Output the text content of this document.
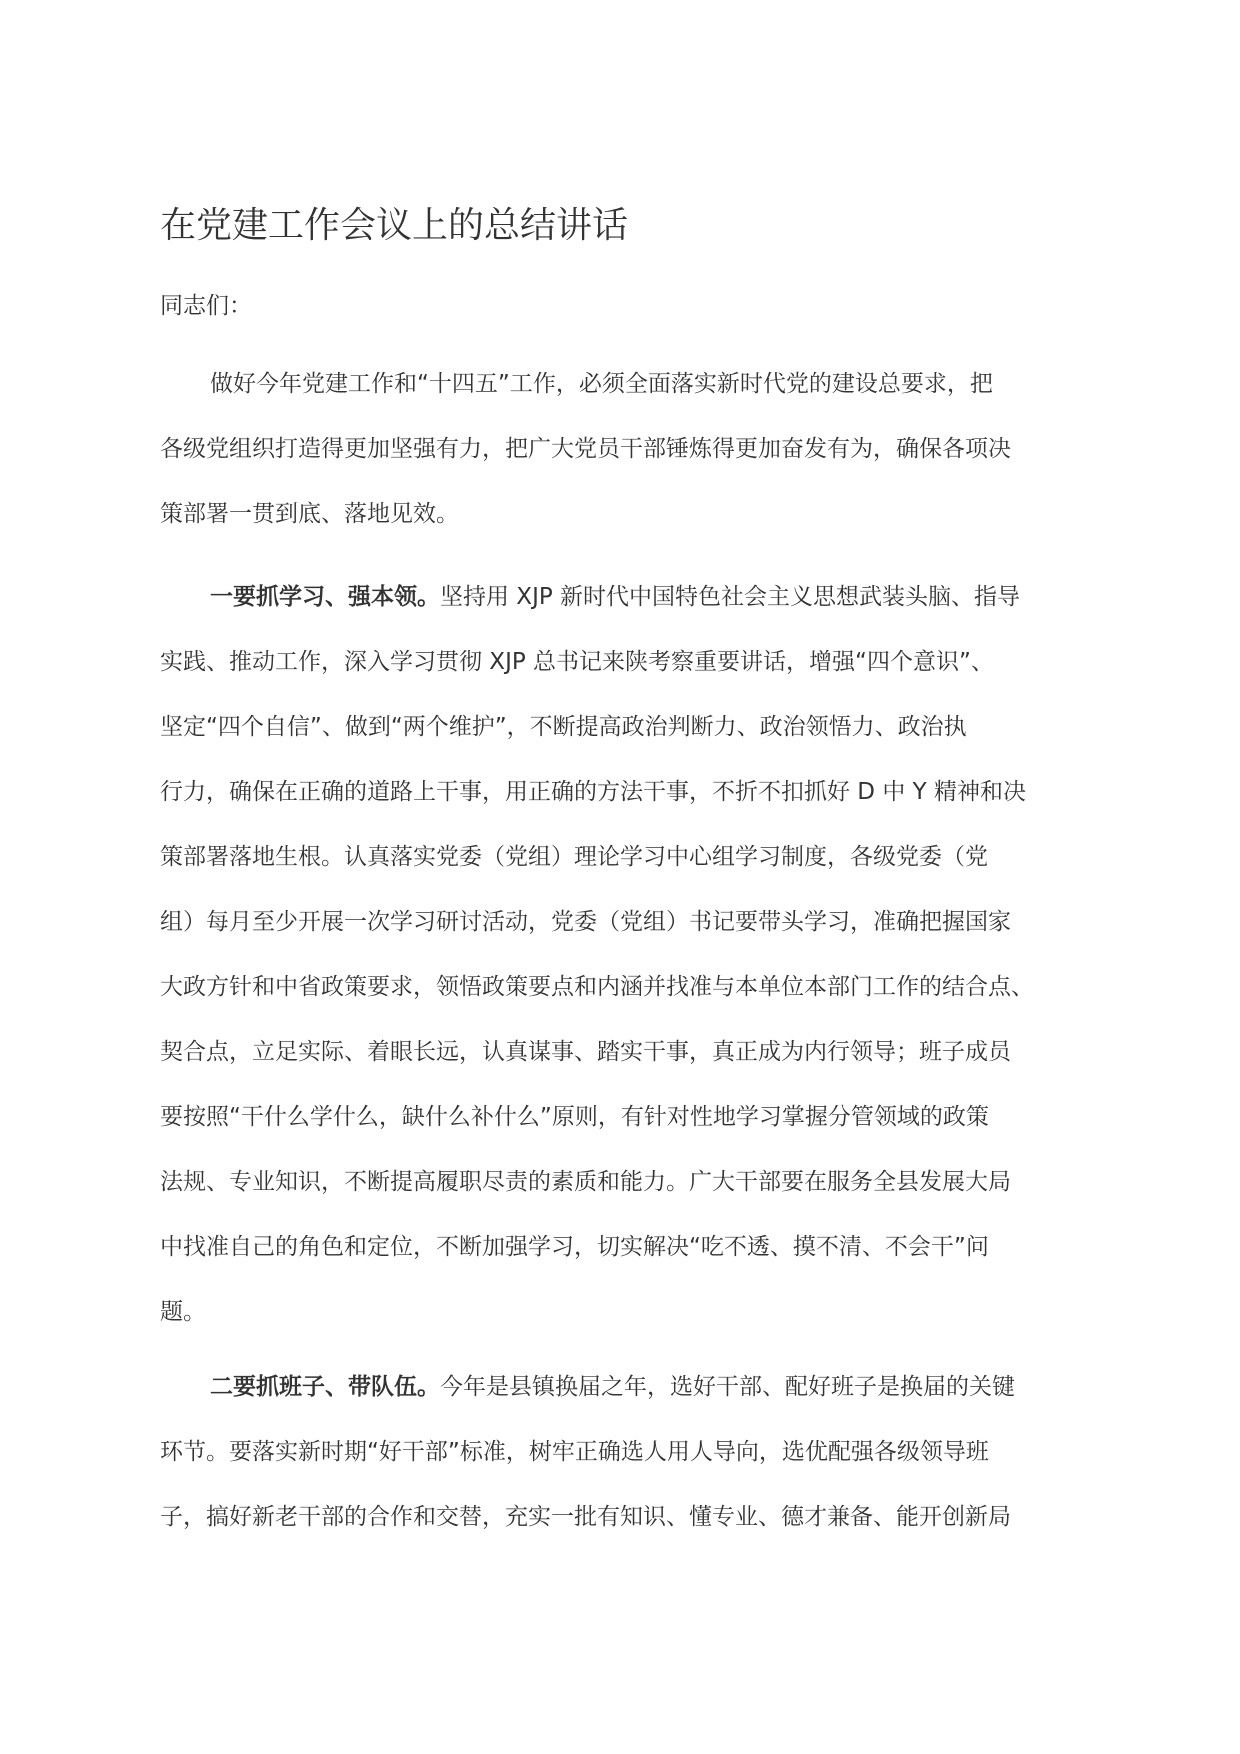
在党建工作会议上的总结讲话

同志们：

做好今年党建工作和“十四五”工作，必须全面落实新时代党的建设总要求，把
各级党组织打造得更加坚强有力，把广大党员干部锤炼得更加奋发有为，确保各项决
策部署一贯到底、落地见效。
一要抓学习、强本领。坚持用 XJP 新时代中国特色社会主义思想武装头脑、指导
实践、推动工作，深入学习贯彻 XJP 总书记来陕考察重要讲话，增强“四个意识”、
坚定“四个自信”、做到“两个维护”，不断提高政治判断力、政治领悟力、政治执
行力，确保在正确的道路上干事，用正确的方法干事，不折不扣抓好 D 中 Y 精神和决
策部署落地生根。认真落实党委（党组）理论学习中心组学习制度，各级党委（党
组）每月至少开展一次学习研讨活动，党委（党组）书记要带头学习，准确把握国家
大政方针和中省政策要求，领悟政策要点和内涵并找准与本单位本部门工作的结合点、
契合点，立足实际、着眼长远，认真谋事、踏实干事，真正成为内行领导；班子成员
要按照“干什么学什么，缺什么补什么”原则，有针对性地学习掌握分管领域的政策
法规、专业知识，不断提高履职尽责的素质和能力。广大干部要在服务全县发展大局
中找准自己的角色和定位，不断加强学习，切实解决“吃不透、摸不清、不会干”问
题。
二要抓班子、带队伍。今年是县镇换届之年，选好干部、配好班子是换届的关键
环节。要落实新时期“好干部”标准，树牢正确选人用人导向，选优配强各级领导班
子，搞好新老干部的合作和交替，充实一批有知识、懂专业、德才兼备、能开创新局
